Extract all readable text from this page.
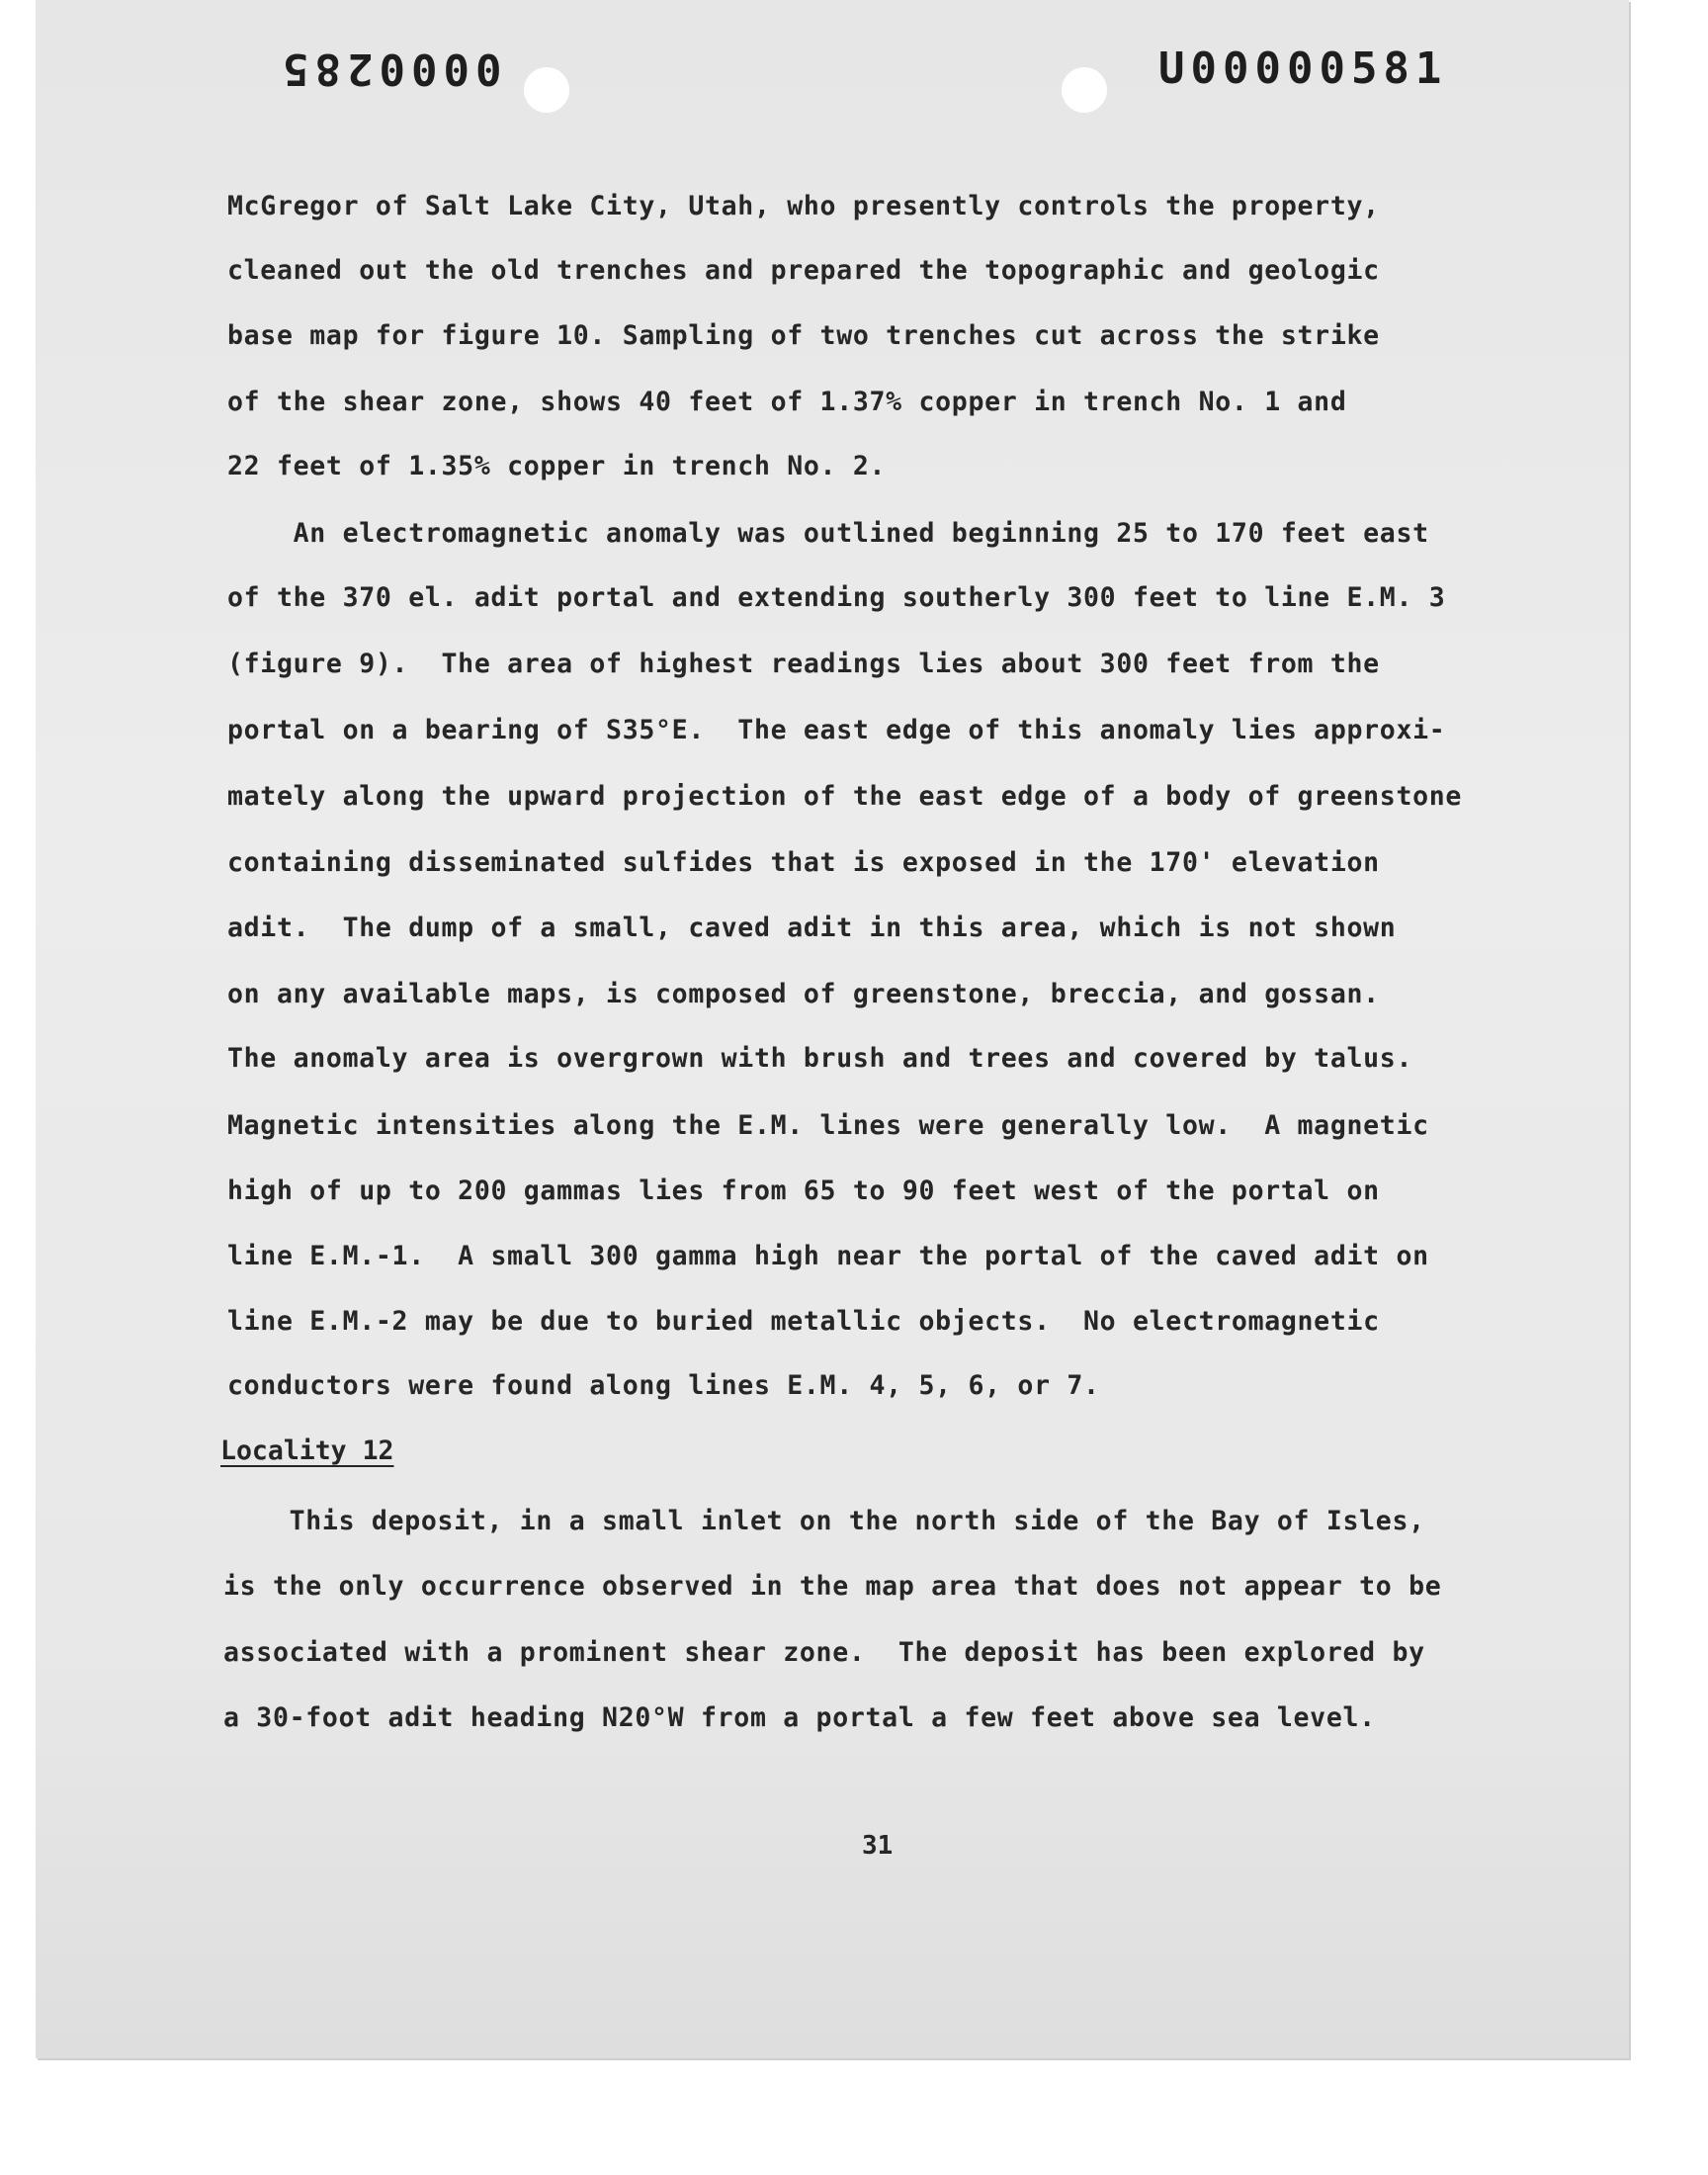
0000285	U00000581
McGregor of Salt Lake City, Utah, who presently controls the property,
cleaned out the old trenches and prepared the topographic and geologic
base map for figure 10. Sampling of two trenches cut across the strike
of the shear zone, shows 40 feet of 1.37% copper in trench No. 1 and
22 feet of 1.35% copper in trench No. 2.
An electromagnetic anomaly was outlined beginning 25 to 170 feet east
of the 370 el. adit portal and extending southerly 300 feet to line E.M. 3
(figure 9).  The area of highest readings lies about 300 feet from the
portal on a bearing of S35°E.  The east edge of this anomaly lies approxi-
mately along the upward projection of the east edge of a body of greenstone
containing disseminated sulfides that is exposed in the 170' elevation
adit.  The dump of a small, caved adit in this area, which is not shown
on any available maps, is composed of greenstone, breccia, and gossan.
The anomaly area is overgrown with brush and trees and covered by talus.
Magnetic intensities along the E.M. lines were generally low.  A magnetic
high of up to 200 gammas lies from 65 to 90 feet west of the portal on
line E.M.-1.  A small 300 gamma high near the portal of the caved adit on
line E.M.-2 may be due to buried metallic objects.  No electromagnetic
conductors were found along lines E.M. 4, 5, 6, or 7.
Locality 12
This deposit, in a small inlet on the north side of the Bay of Isles,
is the only occurrence observed in the map area that does not appear to be
associated with a prominent shear zone.  The deposit has been explored by
a 30-foot adit heading N20°W from a portal a few feet above sea level.
31
